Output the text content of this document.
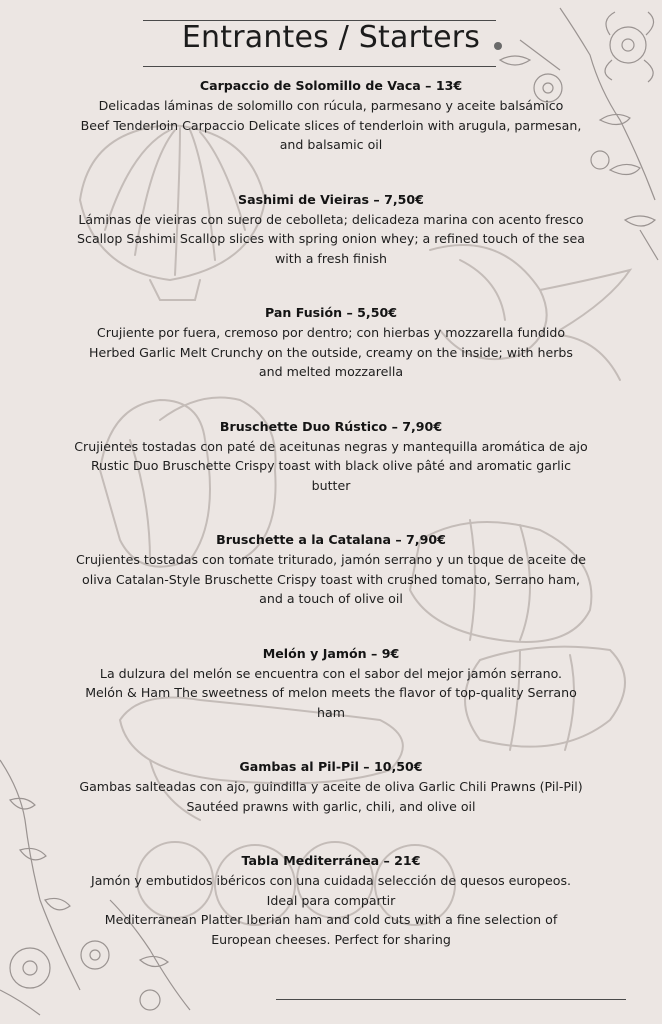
Entrantes / Starters
Carpaccio de Solomillo de Vaca – 13€

Delicadas láminas de solomillo con rúcula, parmesano y aceite balsámico

Beef Tenderloin Carpaccio Delicate slices of tenderloin with arugula, parmesan,

and balsamic oil

Sashimi de Vieiras – 7,50€

Láminas de vieiras con suero de cebolleta; delicadeza marina con acento fresco

Scallop Sashimi Scallop slices with spring onion whey; a refined touch of the sea

with a fresh finish

Pan Fusión – 5,50€

Crujiente por fuera, cremoso por dentro; con hierbas y mozzarella fundido

Herbed Garlic Melt Crunchy on the outside, creamy on the inside; with herbs

and melted mozzarella

Bruschette Duo Rústico – 7,90€

Crujientes tostadas con paté de aceitunas negras y mantequilla aromática de ajo

Rustic Duo Bruschette Crispy toast with black olive pâté and aromatic garlic

butter

Bruschette a la Catalana – 7,90€

Crujientes tostadas con tomate triturado, jamón serrano y un toque de aceite de

oliva Catalan-Style Bruschette Crispy toast with crushed tomato, Serrano ham,

and a touch of olive oil

Melón y Jamón – 9€

La dulzura del melón se encuentra con el sabor del mejor jamón serrano.

Melón & Ham The sweetness of melon meets the flavor of top-quality Serrano

ham

Gambas al Pil-Pil – 10,50€

Gambas salteadas con ajo, guindilla y aceite de oliva Garlic Chili Prawns (Pil-Pil)

Sautéed prawns with garlic, chili, and olive oil

Tabla Mediterránea – 21€

Jamón y embutidos ibéricos con una cuidada selección de quesos europeos.

Ideal para compartir

Mediterranean Platter Iberian ham and cold cuts with a fine selection of

European cheeses. Perfect for sharing
